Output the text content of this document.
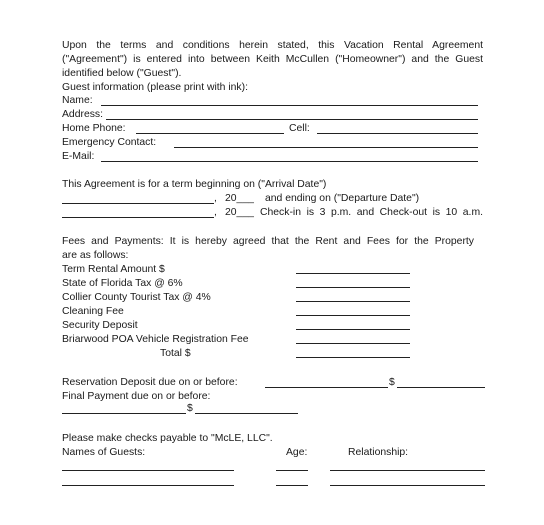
Upon the terms and conditions herein stated, this Vacation Rental Agreement
("Agreement") is entered into between Keith McCullen ("Homeowner") and the Guest
identified below ("Guest").
Guest information (please print with ink):
Name:
Address:
Home Phone:	Cell:
Emergency Contact:
E-Mail:
This Agreement is for a term beginning on ("Arrival Date")
, 20___ and ending on ("Departure Date")
, 20___ Check-in is 3 p.m. and Check-out is 10 a.m.
Fees and Payments: It is hereby agreed that the Rent and Fees for the Property
are as follows:
Term Rental Amount $
State of Florida Tax @ 6%
Collier County Tourist Tax @ 4%
Cleaning Fee
Security Deposit
Briarwood POA Vehicle Registration Fee
Total $
Reservation Deposit due on or before:	$
Final Payment due on or before:
$
Please make checks payable to "McLE, LLC".
Names of Guests:	Age:	Relationship:
